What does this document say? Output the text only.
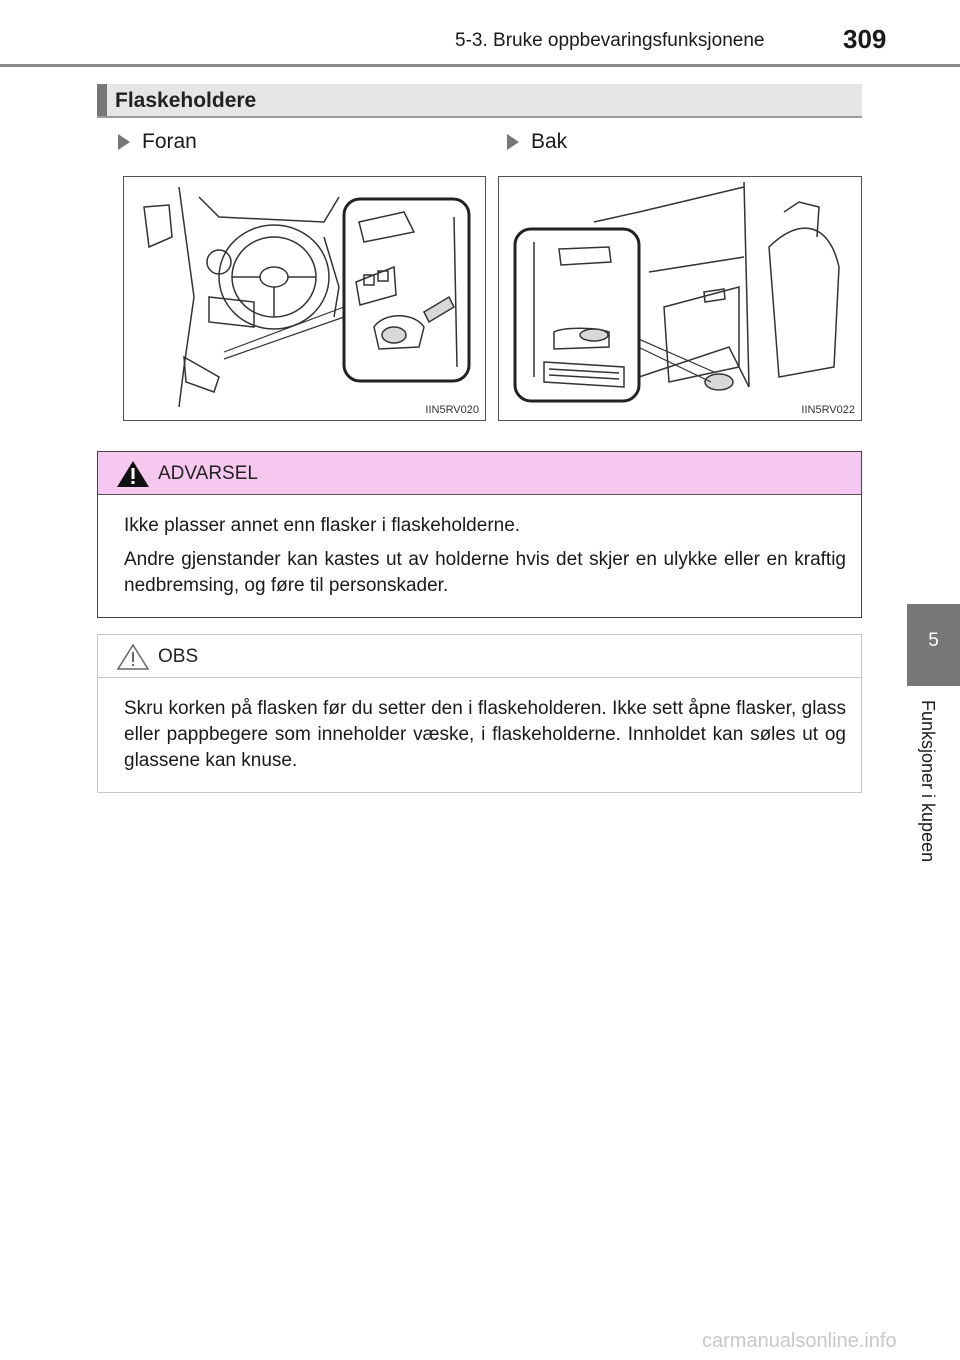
5-3. Bruke oppbevaringsfunksjonene	309
Flaskeholdere
Foran	Bak
IIN5RV020	IIN5RV022
ADVARSEL

Ikke plasser annet enn flasker i flaskeholderne.

Andre gjenstander kan kastes ut av holderne hvis det skjer en ulykke eller en kraftig nedbremsing, og føre til personskader.

OBS
Skru korken på flasken før du setter den i flaskeholderen. Ikke sett åpne flasker, glass eller pappbegere som inneholder væske, i flaskeholderne. Innholdet kan søles ut og glassene kan knuse.
5
Funksjoner i kupeen
carmanualsonline.info
